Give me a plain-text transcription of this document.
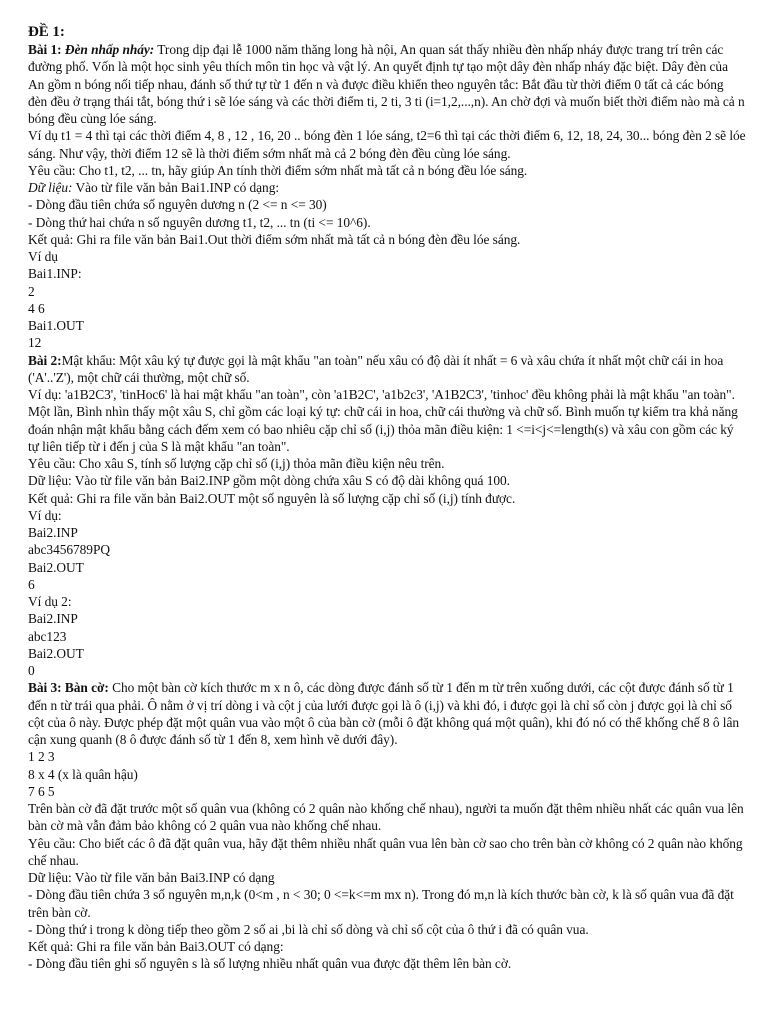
ĐỀ 1:

Bài 1: Đèn nhấp nháy: Trong dịp đại lễ 1000 năm thăng long hà nội, An quan sát thấy nhiều đèn nhấp nháy được trang trí trên các đường phố. Vốn là một học sinh yêu thích môn tin học và vật lý. An quyết định tự tạo một dây đèn nhấp nháy đặc biệt. Dây đèn của An gồm n bóng nối tiếp nhau, đánh số thứ tự từ 1 đến n và được điều khiển theo nguyên tắc: Bắt đầu từ thời điểm 0 tất cả các bóng đèn đều ở trạng thái tắt, bóng thứ i sẽ lóe sáng và các thời điểm ti, 2 ti, 3 ti (i=1,2,...,n). An chờ đợi và muốn biết thời điểm nào mà cả n bóng đều cùng lóe sáng.

Ví dụ t1 = 4 thì tại các thời điểm 4, 8 , 12 , 16, 20 .. bóng đèn 1 lóe sáng, t2=6 thì tại các thời điểm 6, 12, 18, 24, 30... bóng đèn 2 sẽ lóe sáng. Như vậy, thời điểm 12 sẽ là thời điểm sớm nhất mà cả 2 bóng đèn đều cùng lóe sáng.

Yêu cầu: Cho t1, t2, ... tn, hãy giúp An tính thời điểm sớm nhất mà tất cả n bóng đều lóe sáng.

Dữ liệu: Vào từ file văn bản Bai1.INP có dạng:

- Dòng đầu tiên chứa số nguyên dương n (2 <= n <= 30)

- Dòng thứ hai chứa n số nguyên dương t1, t2, ... tn (ti <= 10^6).

Kết quả: Ghi ra file văn bản Bai1.Out thời điểm sớm nhất mà tất cả n bóng đèn đều lóe sáng.

Ví dụ

Bai1.INP:

2

4 6

Bai1.OUT

12

Bài 2:Mật khẩu: Một xâu ký tự được gọi là mật khẩu "an toàn" nếu xâu có độ dài ít nhất = 6 và xâu chứa ít nhất một chữ cái in hoa ('A'..'Z'), một chữ cái thường, một chữ số.

Ví dụ: 'a1B2C3', 'tinHoc6' là hai mật khẩu "an toàn", còn 'a1B2C', 'a1b2c3', 'A1B2C3', 'tinhoc' đều không phải là mật khẩu "an toàn".

Một lần, Bình nhìn thấy một xâu S, chỉ gồm các loại ký tự: chữ cái in hoa, chữ cái thường và chữ số. Bình muốn tự kiểm tra khả năng đoán nhận mật khẩu bằng cách đếm xem có bao nhiêu cặp chỉ số (i,j) thỏa mãn điều kiện: 1 <=i<j<=length(s) và xâu con gồm các ký tự liên tiếp từ i đến j của S là mật khẩu "an toàn".

Yêu cầu: Cho xâu S, tính số lượng cặp chỉ số (i,j) thỏa mãn điều kiện nêu trên.

Dữ liệu: Vào từ file văn bản Bai2.INP gồm một dòng chứa xâu S có độ dài không quá 100.

Kết quả: Ghi ra file văn bản Bai2.OUT một số nguyên là số lượng cặp chỉ số (i,j) tính được.

Ví dụ:

Bai2.INP

abc3456789PQ

Bai2.OUT

6

Ví dụ 2:

Bai2.INP

abc123

Bai2.OUT

0

Bài 3: Bàn cờ: Cho một bàn cờ kích thước m x n ô, các dòng được đánh số từ 1 đến m từ trên xuống dưới, các cột được đánh số từ 1 đến n từ trái qua phải. Ô nằm ở vị trí dòng i và cột j của lưới được gọi là ô (i,j) và khi đó, i được gọi là chỉ số còn j được gọi là chỉ số cột của ô này. Được phép đặt một quân vua vào một ô của bàn cờ (mỗi ô đặt không quá một quân), khi đó nó có thể khống chế 8 ô lân cận xung quanh (8 ô được đánh số từ 1 đến 8, xem hình vẽ dưới đây).

1 2 3

8 x 4 (x là quân hậu)

7 6 5

Trên bàn cờ đã đặt trước một số quân vua (không có 2 quân nào khống chế nhau), người ta muốn đặt thêm nhiều nhất các quân vua lên bàn cờ mà vẫn đảm bảo không có 2 quân vua nào khống chế nhau.

Yêu cầu: Cho biết các ô đã đặt quân vua, hãy đặt thêm nhiều nhất quân vua lên bàn cờ sao cho trên bàn cờ không có 2 quân nào khống chế nhau.

Dữ liệu: Vào từ file văn bản Bai3.INP có dạng

- Dòng đầu tiên chứa 3 số nguyên m,n,k (0<m , n < 30; 0 <=k<=m mx n). Trong đó m,n là kích thước bàn cờ, k là số quân vua đã đặt trên bàn cờ.

- Dòng thứ i trong k dòng tiếp theo gồm 2 số ai ,bi là chỉ số dòng và chỉ số cột của ô thứ i đã có quân vua.

Kết quả: Ghi ra file văn bản Bai3.OUT có dạng:

- Dòng đầu tiên ghi số nguyên s là số lượng nhiều nhất quân vua được đặt thêm lên bàn cờ.
